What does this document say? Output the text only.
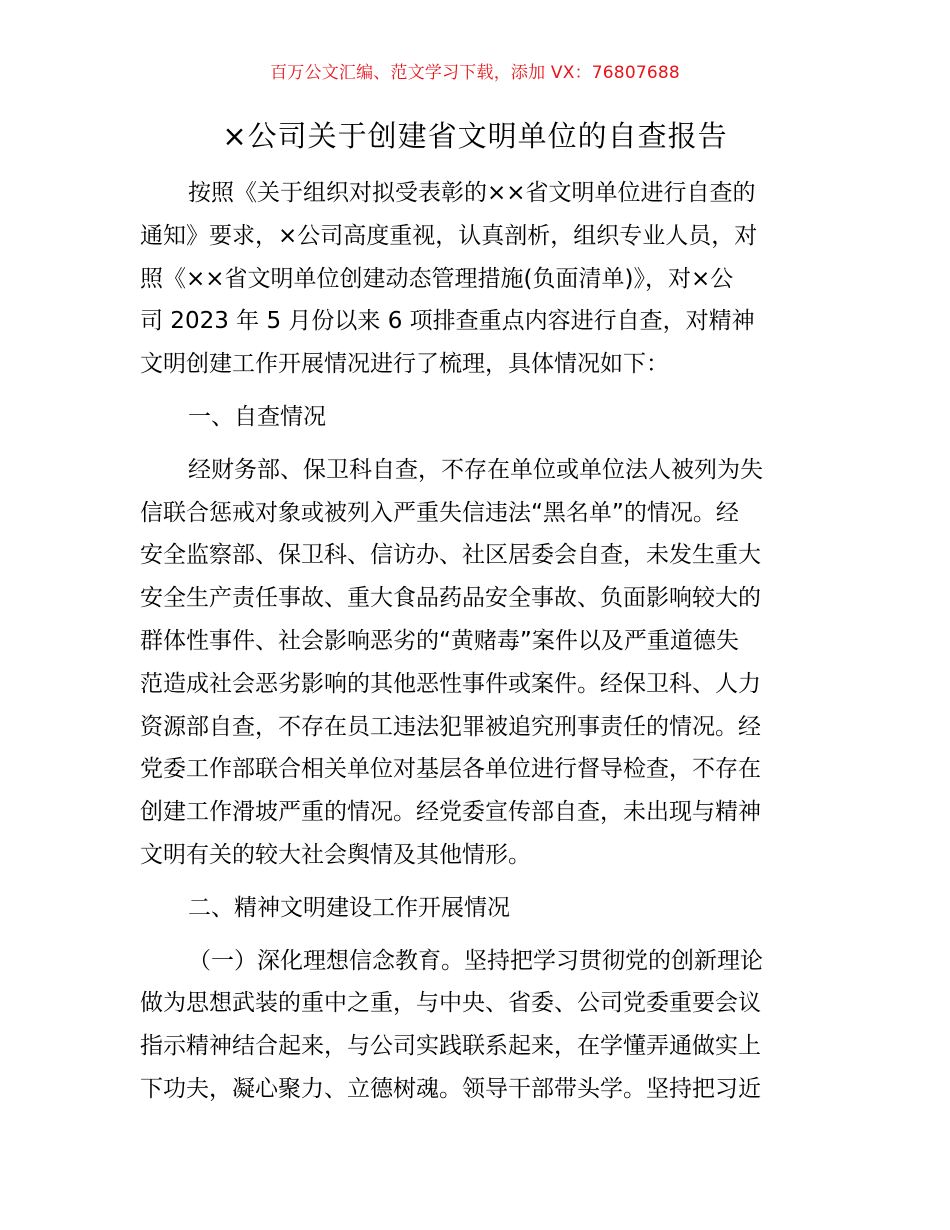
百万公文汇编、范文学习下载，添加 VX：76807688
×公司关于创建省文明单位的自查报告
按照《关于组织对拟受表彰的××省文明单位进行自查的
通知》要求，×公司高度重视，认真剖析，组织专业人员，对
照《××省文明单位创建动态管理措施(负面清单)》，对×公
司 2023 年 5 月份以来 6 项排查重点内容进行自查，对精神
文明创建工作开展情况进行了梳理，具体情况如下：
一、自查情况
经财务部、保卫科自查，不存在单位或单位法人被列为失
信联合惩戒对象或被列入严重失信违法“黑名单”的情况。经
安全监察部、保卫科、信访办、社区居委会自查，未发生重大
安全生产责任事故、重大食品药品安全事故、负面影响较大的
群体性事件、社会影响恶劣的“黄赌毒”案件以及严重道德失
范造成社会恶劣影响的其他恶性事件或案件。经保卫科、人力
资源部自查，不存在员工违法犯罪被追究刑事责任的情况。经
党委工作部联合相关单位对基层各单位进行督导检查，不存在
创建工作滑坡严重的情况。经党委宣传部自查，未出现与精神
文明有关的较大社会舆情及其他情形。
二、精神文明建设工作开展情况
（一）深化理想信念教育。坚持把学习贯彻党的创新理论
做为思想武装的重中之重，与中央、省委、公司党委重要会议
指示精神结合起来，与公司实践联系起来，在学懂弄通做实上
下功夫，凝心聚力、立德树魂。领导干部带头学。坚持把习近
